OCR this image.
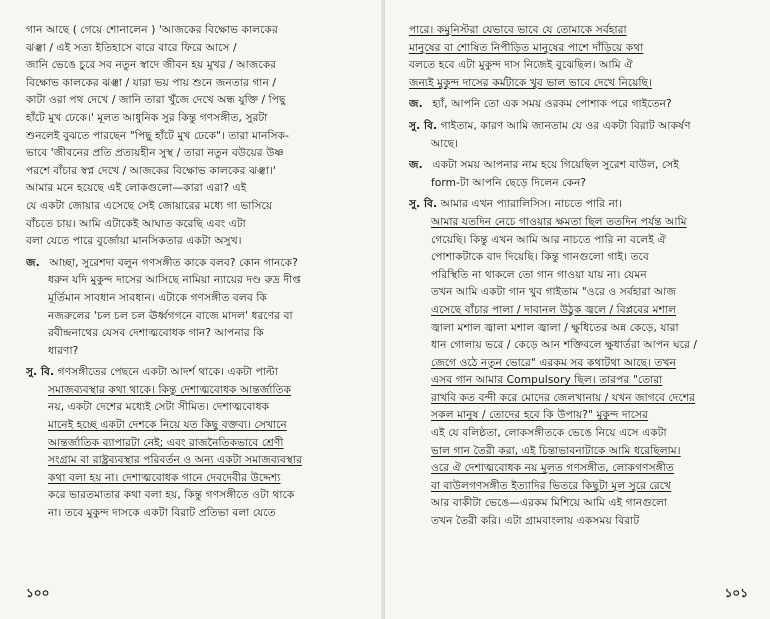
গান আছে ( গেয়ে শোনালেন ) 'আজকের বিক্ষোভ কালকের
ঝঞ্ঝা / এই সত্য ইতিহাসে বারে বারে ফিরে আসে /
জানি ভেঙে চুরে সব নতুন স্বাদে জীবন হয় মুখর / আজকের
বিক্ষোভ কালকের ঝঞ্ঝা / যারা ভয় পায় শুনে জনতার গান /
কাটা ওরা পথ দেখে / জানি তারা খুঁজে দেখে অন্ধ যুক্তি / পিছু
হাঁটে মুখ ঢেকে।' মূলত আধুনিক সুর কিন্তু গণসঙ্গীত, সুরটা
শুনলেই বুঝতে পারছেন "পিছু হাঁটে মুখ ঢেকে"। তারা মানসিক-
ভাবে 'জীবনের প্রতি প্রত্যয়হীন সুস্থ / তারা নতুন বউয়ের উষ্ণ
পরশে বাঁচার স্বপ্ন দেখে / আজকের বিক্ষোভ কালকের ঝঞ্ঝা।'
আমার মনে হয়েছে এই লোকগুলো—কারা এরা? এই
যে একটা জোয়ার এসেছে সেই জোয়ারের মধ্যে গা ভাসিয়ে
বাঁচতে চায়। আমি এটাকেই আঘাত করেছি এবং এটা
বলা যেতে পারে বুর্জোয়া মানসিকতার একটা অসুখ।
জ. আচ্ছা, সুরেশদা বলুন গণসঙ্গীত কাকে বলব? কোন গানকে?
ধরুন যদি মুকুন্দ দাসের আসিছে নামিয়া ন্যায়ের দণ্ড রুদ্র দীপ্ত
মূর্তিমান সাবধান সাবধান। এটাকে গণসঙ্গীত বলব কি
নজরুলের 'চল চল চল ঊর্ধ্বগগনে বাজে মাদল' ধরণের বা
রবীন্দ্রনাথের যেসব দেশাত্মবোধক গান? আপনার কি
ধারণা?
সু. বি. গণসঙ্গীতের পেছনে একটা আদর্শ থাকে। একটা পাল্টা
সমাজব্যবস্থার কথা থাকে। কিন্তু দেশাত্মবোধক আন্তর্জাতিক
নয়, একটা দেশের মধ্যেই সেটা সীমিত। দেশাত্মবোধক
মানেই হচ্ছে একটা দেশকে নিয়ে যত কিছু বক্তব্য। সেখানে
আন্তর্জাতিক ব্যাপারটা নেই; এবং রাজনৈতিকভাবে শ্রেণী
সংগ্রাম বা রাষ্ট্রব্যবস্থার পরিবর্তন ও অন্য একটা সমাজব্যবস্থার
কথা বলা হয় না। দেশাত্মবোধক গানে দেবদেবীর উদ্দেশ্য
করে ভারতমাতার কথা বলা হয়, কিন্তু গণসঙ্গীতে ওটা থাকে
না। তবে মুকুন্দ দাসকে একটা বিরাট প্রতিভা বলা যেতে
১০০
পারে। কমুনিস্টরা যেভাবে ভাবে যে তোমাকে সর্বহারা
মানুষের বা শোষিত নিপীড়িত মানুষের পাশে দাঁড়িয়ে কথা
বলতে হবে এটা মুকুন্দ দাস নিজেই বুঝেছিল। আমি ঐ
জন্যই মুকুন্দ দাসের কর্মটাকে খুব ভাল ভাবে দেখে নিয়েছি।
জ. হ্যাঁ, আপনি তো এক সময় ওরকম পোশাক পরে গাইতেন?
সু. বি. গাইতাম, কারণ আমি জানতাম যে ওর একটা বিরাট আকর্ষণ
আছে।
জ. একটা সময় আপনার নাম হয়ে গিয়েছিল সুরেশ বাউল, সেই
form-টা আপনি ছেড়ে দিলেন কেন?
সু. বি. আমার এখন প্যারালিসিস। নাচতে পারি না।
আমার যতদিন নেচে গাওয়ার ক্ষমতা ছিল ততদিন পর্যন্ত আমি
গেয়েছি। কিন্তু এখন আমি আর নাচতে পারি না বলেই ঐ
পোশাকটাকে বাদ দিয়েছি। কিন্তু গানগুলো গাই। তবে
পরিস্থিতি না থাকলে তো গান গাওয়া যায় না। যেমন
তখন আমি একটা গান খুব গাইতাম "ওরে ও সর্বহারা আজ
এসেছে বাঁচার পালা / দাবানল উঠুক জ্বলে / বিপ্লবের মশাল
জ্বালা মশাল জ্বালা মশাল জ্বালা / ক্ষুধিতের অন্ন কেড়ে, যারা
ধান গোলায় ভরে / কেড়ে আন শক্তিবলে ক্ষুধার্তরা আপন ঘরে /
জেগে ওঠে নতুন ভোরে" এরকম সব কথাটথা আছে। তখন
এসব গান আমার Compulsory ছিল। তারপর "তোরা
রাখবি কত বন্দী করে মোদের জেলখানায় / যখন জাগবে দেশের
সকল মানুষ / তোদের হবে কি উপায়?" মুকুন্দ দাসের
এই যে বলিষ্ঠতা, লোকসঙ্গীতকে ভেঙে নিয়ে এসে একটা
ভাল গান তৈরী করা, এই চিন্তাভাবনাটাকে আমি ধরেছিলাম।
ওরে ঐ দেশাত্মবোধক নয় মূলত গণসঙ্গীত, লোকগণসঙ্গীত
বা বাউলগণসঙ্গীত ইত্যাদির ভিতরে কিছুটা মূল সুরে রেখে
আর বাকীটা ভেঙে—এরকম মিশিয়ে আমি এই গানগুলো
তখন তৈরী করি। এটা গ্রামবাংলায় একসময় বিরাট
১০১
